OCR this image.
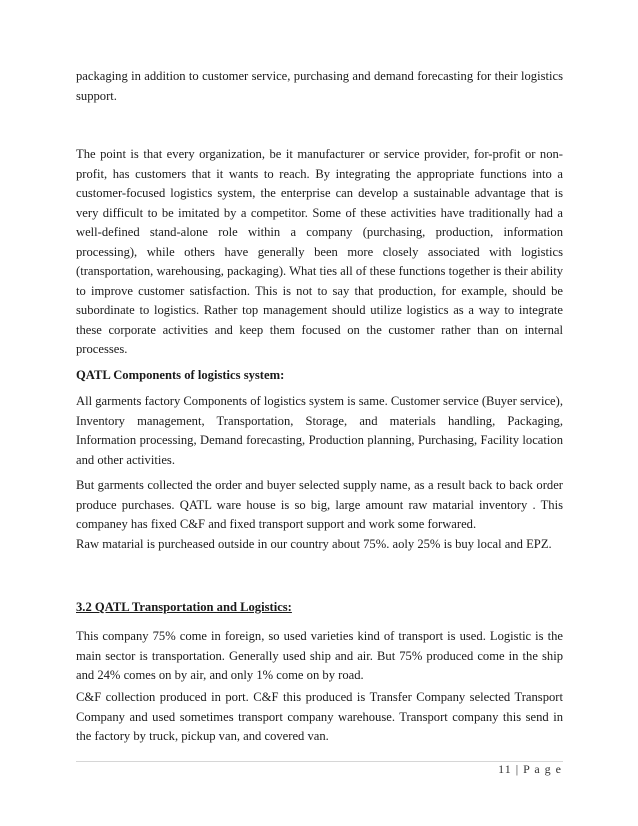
packaging in addition to customer service, purchasing and demand forecasting for their logistics support.
The point is that every organization, be it manufacturer or service provider, for-profit or non-profit, has customers that it wants to reach. By integrating the appropriate functions into a customer-focused logistics system, the enterprise can develop a sustainable advantage that is very difficult to be imitated by a competitor. Some of these activities have traditionally had a well-defined stand-alone role within a company (purchasing, production, information processing), while others have generally been more closely associated with logistics (transportation, warehousing, packaging). What ties all of these functions together is their ability to improve customer satisfaction. This is not to say that production, for example, should be subordinate to logistics. Rather top management should utilize logistics as a way to integrate these corporate activities and keep them focused on the customer rather than on internal processes.
QATL Components of logistics system:
All garments factory Components of logistics system is same. Customer service (Buyer service), Inventory management, Transportation, Storage, and materials handling, Packaging, Information processing, Demand forecasting, Production planning, Purchasing, Facility location and other activities.
But garments collected the order and buyer selected supply name, as a result back to back order produce purchases. QATL ware house is so big, large amount raw matarial inventory . This companey has fixed C&F and fixed transport support and work some forwared.
Raw matarial is purcheased outside in our country about 75%. aoly 25% is buy local and EPZ.
3.2 QATL Transportation and Logistics:
This company 75% come in foreign, so used varieties kind of transport is used. Logistic is the main sector is transportation. Generally used ship and air. But 75% produced come in the ship and 24% comes on by air, and only 1% come on by road.
C&F collection produced in port. C&F this produced is Transfer Company selected Transport Company and used sometimes transport company warehouse. Transport company this send in the factory by truck, pickup van, and covered van.
11 | P a g e
